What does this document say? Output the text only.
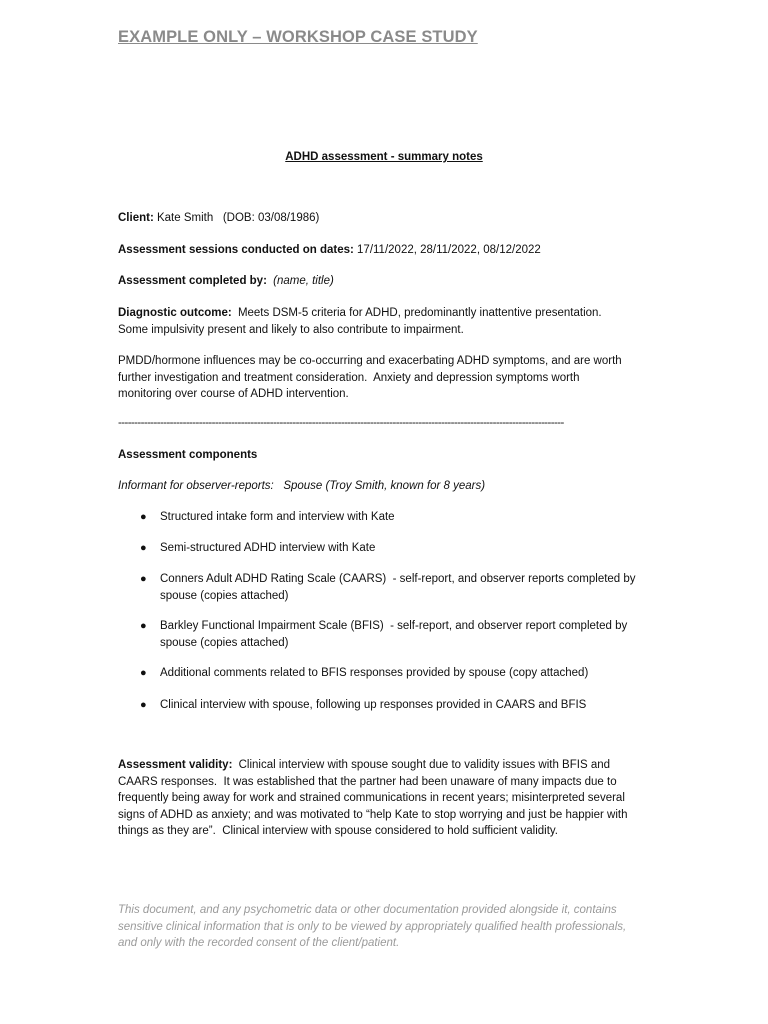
EXAMPLE ONLY – WORKSHOP CASE STUDY
ADHD assessment - summary notes
Client: Kate Smith   (DOB: 03/08/1986)
Assessment sessions conducted on dates: 17/11/2022, 28/11/2022, 08/12/2022
Assessment completed by: (name, title)
Diagnostic outcome: Meets DSM-5 criteria for ADHD, predominantly inattentive presentation.
Some impulsivity present and likely to also contribute to impairment.
PMDD/hormone influences may be co-occurring and exacerbating ADHD symptoms, and are worth
further investigation and treatment consideration.  Anxiety and depression symptoms worth
monitoring over course of ADHD intervention.
------------------------------------------------------------------------------------------------------------------------------------------
Assessment components
Informant for observer-reports:   Spouse (Troy Smith, known for 8 years)
●	Structured intake form and interview with Kate
●	Semi-structured ADHD interview with Kate
●	Conners Adult ADHD Rating Scale (CAARS)  - self-report, and observer reports completed by
spouse (copies attached)
●	Barkley Functional Impairment Scale (BFIS)  - self-report, and observer report completed by
spouse (copies attached)
●	Additional comments related to BFIS responses provided by spouse (copy attached)
●	Clinical interview with spouse, following up responses provided in CAARS and BFIS
Assessment validity: Clinical interview with spouse sought due to validity issues with BFIS and
CAARS responses.  It was established that the partner had been unaware of many impacts due to
frequently being away for work and strained communications in recent years; misinterpreted several
signs of ADHD as anxiety; and was motivated to “help Kate to stop worrying and just be happier with
things as they are”.  Clinical interview with spouse considered to hold sufficient validity.
This document, and any psychometric data or other documentation provided alongside it, contains
sensitive clinical information that is only to be viewed by appropriately qualified health professionals,
and only with the recorded consent of the client/patient.
